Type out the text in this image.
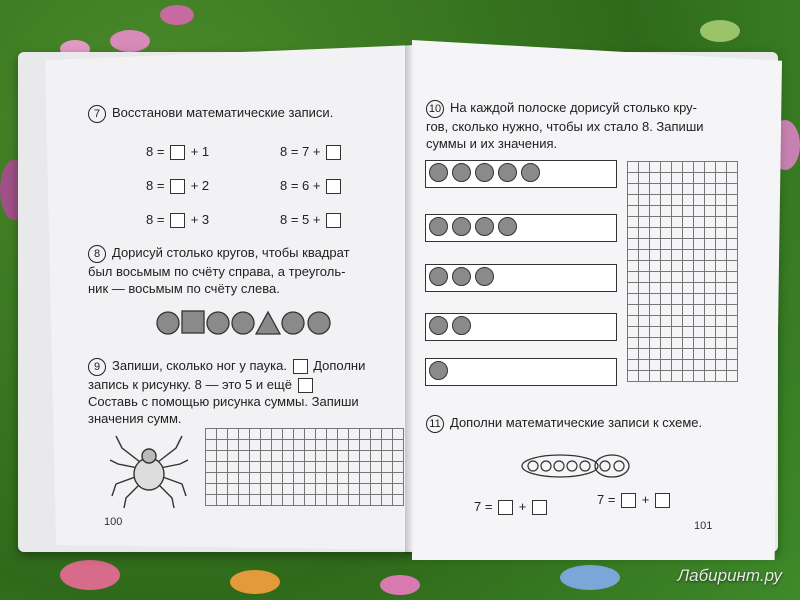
7 Восстанови математические записи.
8 = + 1
8 = + 2
8 = + 3
8 = 7 +
8 = 6 +
8 = 5 +
8 Дорисуй столько кругов, чтобы квадрат
был восьмым по счёту справа, а треуголь-
ник — восьмым по счёту слева.
9 Запиши, сколько ног у паука. Дополни
запись к рисунку. 8 — это 5 и ещё
Составь с помощью рисунка суммы. Запиши
значения сумм.
100
10 На каждой полоске дорисуй столько кру-
гов, сколько нужно, чтобы их стало 8. Запиши
суммы и их значения.
11 Дополни математические записи к схеме.
7 = +	7 = +
101
Лабиринт.ру
